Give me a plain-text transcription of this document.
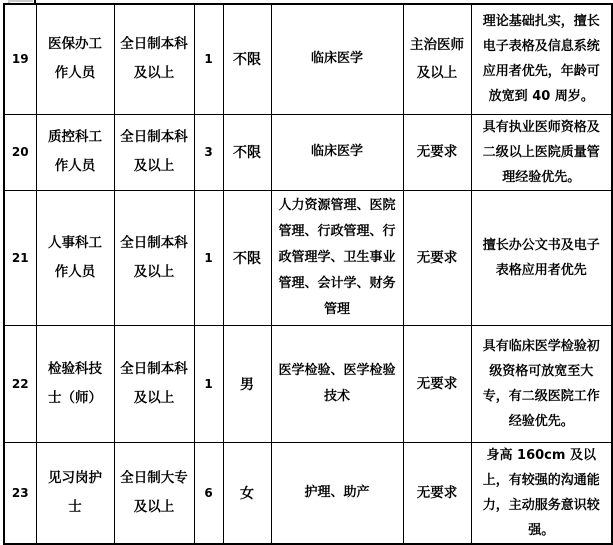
19	医保办工作人员	全日制本科及以上	1	不限	临床医学	主治医师及以上	理论基础扎实，擅长电子表格及信息系统应用者优先，年龄可放宽到 40 周岁。
20	质控科工作人员	全日制本科及以上	3	不限	临床医学	无要求	具有执业医师资格及二级以上医院质量管理经验优先。
21	人事科工作人员	全日制本科及以上	1	不限	人力资源管理、医院管理、行政管理、行政管理学、卫生事业管理、会计学、财务管理	无要求	擅长办公文书及电子表格应用者优先
22	检验科技士（师）	全日制本科及以上	1	男	医学检验、医学检验技术	无要求	具有临床医学检验初级资格可放宽至大专，有二级医院工作经验优先。
23	见习岗护士	全日制大专及以上	6	女	护理、助产	无要求	身高 160cm 及以上，有较强的沟通能力，主动服务意识较强。
